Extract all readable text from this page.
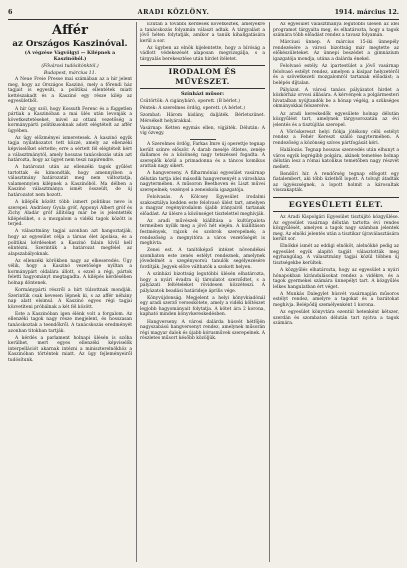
6	ARADI KÖZLÖNY.	1914. március 12.
Affér
az Országos Kaszinóval.
(A végzése Vágvölgyi — Kilépnek a Kaszinóból.)
(Fővárosi tudósítónktól.)
Budapest, március 11.

A Neue Freie Presse mai számában az a hír jelent meg, hogy az Országos Kaszinó, mely a főrendi ház tagjait is egyesíti, a politikai ellentétek miatt kettészakadt és a Kaszinó egy része kilép az egyesületből.

A hír úgy szól, hogy Kossuth Ferenc és a független pártiak a Kaszinóban a mai ülés után levonják a következtetéseket, mivel az ottani vezetőség a kormánypárti politikusoknak adott elégtételt az affér ügyében.

Az ügy előzményei ismeretesek. A kaszinó egyik tagja nyilatkozatot tett közzé, amely az ellenzéki képviselőket sértette; erre a sértett fél elégtételt kért a választmánytól, amely hosszas tanácskozás után azt határozta, hogy az ügyet nem teszi napirendre.

A határozat után az ellenzéki tagok gyűlést tartottak és kimondták, hogy amennyiben a választmány határozatát meg nem változtatja, valamennyien kilépnek a Kaszinóból. Ma délben a Kaszinó választmánya ismét összeült, de új határozatot nem hozott.

A kilépők között több ismert politikus neve is szerepel. Andrássy Gyula gróf, Apponyi Albert gróf és Zichy Aladár gróf állítólag már be is jelentették kilépésüket, s a mozgalom a vidéki tagok között is terjed.

A választmány tagjai azonban azt hangoztatják, hogy az egyesület célja a társas élet ápolása, és a politikai kérdéseket a Kaszinó falain kívül kell elintézni. Szerintük a határozat megfelel az alapszabályoknak.

Az ellenzéki körökben nagy az elkeseredés. Úgy vélik, hogy a Kaszinó vezetősége nyíltan a kormánypárt oldalára állott, s ezzel a régi, pártok feletti hagyományt megtagadta. A kilépés kérdésében holnap döntenek.

Kormánypárti részről a hírt túlzottnak mondják. Szerintük csak kevesen lépnek ki, s az affér néhány nap alatt elsimul. A Kaszinó egyes régi tagjai közvetíteni próbálnak a két fél között.

Este a Kaszinóban igen élénk volt a forgalom. Az ellenzéki tagok nagy része megjelent, és hosszasan tanácskoztak a teendőkről. A tanácskozás eredményét azonban titokban tartják.

A kérdés a parlament holnapi ülésén is szóba kerülhet, mert egyes ellenzéki képviselők interpellációt akarnak intézni a miniszterelnökhöz a Kaszinóban történtek miatt. Az ügy fejleményeiről tudósítunk.

Ezután a további kérdések következtek, amelyekre a tanácskozás folyamán választ adtak. A tárgyalást a jövő héten folytatják, amikor a tanúk kihallgatására kerül a sor.

Az ügyben az elnök kijelentette, hogy a bíróság a vádlott védekezését alaposan megvizsgálja, s a tárgyalás berekesztése után hirdet ítéletet.

IRODALOM ÉS MŰVÉSZET.
Színházi műsor:

Csütörtök: A cigánybáró, operett. (B bérlet.)

Péntek: A szerelmes ördög, operett. (A bérlet.)

Szombat: Három kislány, daljáték. Bérletszünet. Mérsékelt helyárakkal.

Vasárnap: Ketten egymás ellen, vígjáték. Délután: A víg özvegy.

A Szerelmes ördög, Farkas Imre új operettje tegnap került színre először. A darab meséje ötletes, zenéje dallamos és a közönség nagy tetszéssel fogadta. A szereplők közül a primadonna és a táncos komikus arattak nagy sikert.

A hangverseny. A filharmóniai egyesület vasárnap délután tartja idei második hangversenyét a városháza nagytermében. A műsoron Beethoven és Liszt művei szerepelnek; vezényel a zeneiskola igazgatója.

Felolvasás. A Kölcsey Egyesület irodalmi szakosztálya kedden este felolvasó ülést tart, amelyen a magyar regényirodalom újabb irányairól tartanak előadást. Az ülésre a közönséget tisztelettel meghívják.

Az aradi művészek kiállítása a kultúrpalota termeiben nyílik meg a jövő hét elején. A kiállításon festmények, rajzok és szobrok szerepelnek; a rendezőség a megnyitóra a város vezetőségét is meghívta.

Zenei est. A tanítóképző intézet növendékei szombaton este zenés estélyt rendeznek, amelynek jövedelmét a szegénysorsú tanulók segélyezésére fordítják. Jegyek előre válthatók a szokott helyen.

A színházi bizottság legutóbbi ülésén elhatározta, hogy a nyári évadra új társulatot szerződtet, s a pályázati feltételeket rövidesen közzéteszi. A pályázatok beadási határideje április vége.

Könyvújdonság. Megjelent a helyi könyvkiadónál egy aradi szerző verseskötete, amely a vidéki költészet legjobb hagyományait folytatja. A kötet ára 2 korona, kapható minden könyvkereskedésben.

Hangverseny. A városi dalárda húsvét hétfőjén nagyszabású hangversenyt rendez, amelynek műsorán régi magyar dalok és újabb kórusművek szerepelnek. A részletes műsort később közöljük.

Az egyesület választmánya legutóbbi ülésén az idei programot tárgyalta meg, és elhatározta, hogy a tagok számára több előadást rendez a tavasz folyamán.

Márciusi ünnep. A március 15-iki ünnepély rendezésére a városi bizottság már megtette az előkészületeket. Az ünnepi beszédet a gimnázium igazgatója mondja, utána a dalárda énekel.

Felolvasó estély. Az ipartestület a jövő vasárnap felolvasó estélyt rendez, amelyen a kisipar helyzetéről és a szövetkezeti mozgalomról tartanak előadást; a belépés díjtalan.

Pályázat. A városi tanács pályázatot hirdet a közkórház orvosi állására. A kérvények a polgármesteri hivatalban nyújtandók be a hónap végéig, a szükséges okmányokkal felszerelve.

Az aradi kereskedők egyesülete holnap délután közgyűlést tart, amelynek tárgysorozatán az évi jelentés és a tisztújítás szerepel.

A Vöröskereszt helyi fiókja jótékony célú estélyt rendez a Fehér Kereszt szálló nagytermében. A rendezőség a közönség szíves pártfogását kéri.

Halálozás. Tegnap hosszas szenvedés után elhunyt a város egyik legrégibb polgára, akinek temetése holnap délután lesz a római katolikus temetőben nagy részvét mellett.

Rendőri hír. A rendőrség tegnap elfogott egy fiatalembert, aki több üzletből lopott. A tolvajt átadták az ügyészségnek, a lopott holmit a károsultak visszakapták.

EGYESÜLETI ÉLET.

Az Aradi Kispolgári Egyesület tisztújító közgyűlése. Az egyesület vasárnap délután tartotta évi rendes közgyűlését, amelyen a tagok nagy számban jelentek meg. Az elnöki jelentés után a tisztikar újraválasztására került sor.

Elnökké ismét az eddigi elnököt, alelnökké pedig az egyesület egyik alapító tagját választották meg egyhangúlag. A választmány tagjai közül többen új tisztségekbe kerültek.

A közgyűlés elhatározta, hogy az egyesület a nyári hónapokban kirándulásokat rendez a vidékre, és a tagok gyermekei számára ünnepélyt tart. A közgyűlés lelkes hangulatban ért véget.

A Munkás Dalegylet húsvét vasárnapján műsoros estélyt rendez, amelyre a tagokat és a barátokat meghívja. Belépődíj személyenként 1 korona.

Az egyesület könyvtára ezentúl hetenként kétszer, szerdán és szombaton délután tart nyitva a tagok számára.
